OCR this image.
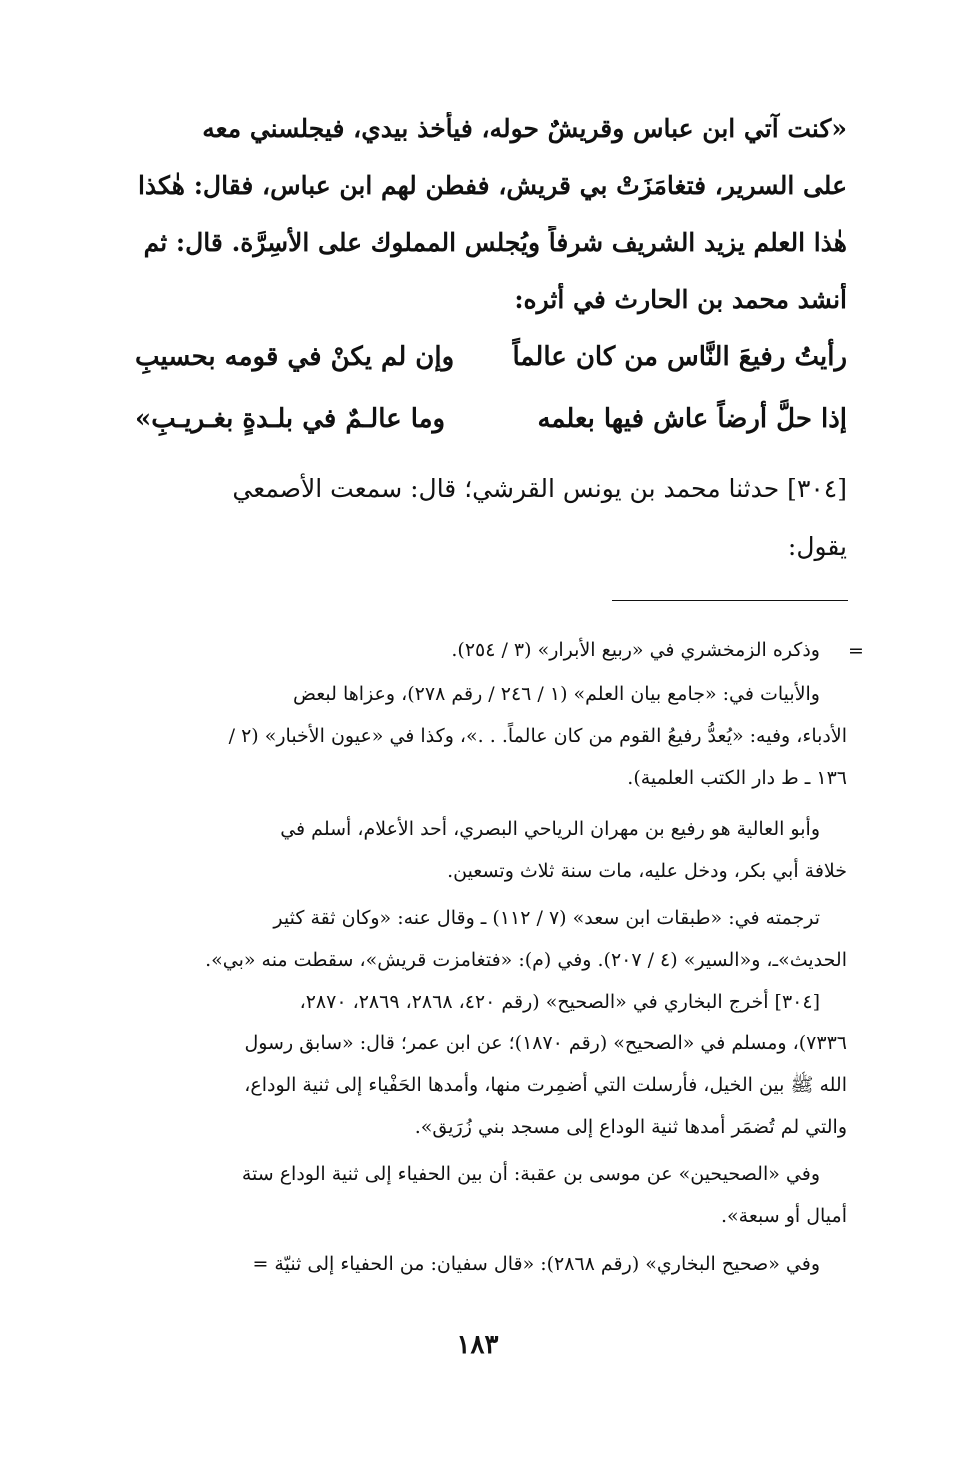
«كنت آتي ابن عباس وقريشٌ حوله، فيأخذ بيدي، فيجلسني معه
على السرير، فتغامَزَتْ بي قريش، ففطن لهم ابن عباس، فقال: هٰكذا
هٰذا العلم يزيد الشريف شرفاً ويُجلس المملوك على الأسِرَّة. قال: ثم
أنشد محمد بن الحارث في أثره:
رأيتُ رفيعَ النَّاس من كان عالماً
وإن لم يكنْ في قومه بحسيبِ
إذا حلَّ أرضاً عاش فيها بعلمه
وما عالـمٌ في بلـدةٍ بغـريـبِ»
[٣٠٤] حدثنا محمد بن يونس القرشي؛ قال: سمعت الأصمعي
يقول:
=
وذكره الزمخشري في «ربيع الأبرار» (٣ / ٢٥٤).
والأبيات في: «جامع بيان العلم» (١ / ٢٤٦ / رقم ٢٧٨)، وعزاها لبعض
الأدباء، وفيه: «يُعدُّ رفيعُ القوم من كان عالماً. . .»، وكذا في «عيون الأخبار» (٢ /
١٣٦ ـ ط دار الكتب العلمية).
وأبو العالية هو رفيع بن مهران الرياحي البصري، أحد الأعلام، أسلم في
خلافة أبي بكر، ودخل عليه، مات سنة ثلاث وتسعين.
ترجمته في: «طبقات ابن سعد» (٧ / ١١٢) ـ وقال عنه: «وكان ثقة كثير
الحديث»ـ، و«السير» (٤ / ٢٠٧). وفي (م): «فتغامزت قريش»، سقطت منه «بي».
[٣٠٤] أخرج البخاري في «الصحيح» (رقم ٤٢٠، ٢٨٦٨، ٢٨٦٩، ٢٨٧٠،
٧٣٣٦)، ومسلم في «الصحيح» (رقم ١٨٧٠)؛ عن ابن عمر؛ قال: «سابق رسول
الله ﷺ بين الخيل، فأرسلت التي أُضمِرت منها، وأمدها الحَفْياء إلى ثنية الوداع،
والتي لم تُضمَر أمدها ثنية الوداع إلى مسجد بني زُرَيق».
وفي «الصحيحين» عن موسى بن عقبة: أن بين الحفياء إلى ثنية الوداع ستة
أميال أو سبعة».
وفي «صحيح البخاري» (رقم ٢٨٦٨): «قال سفيان: من الحفياء إلى ثنيّة =
١٨٣
